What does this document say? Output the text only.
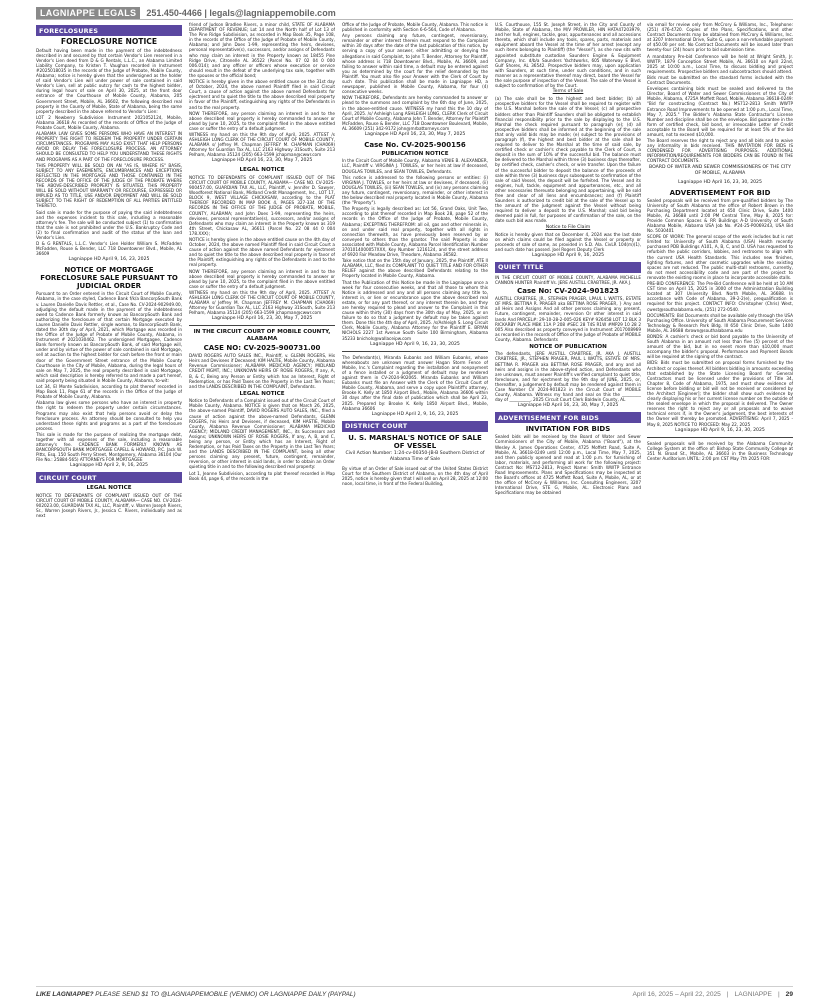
LAGNIAPPE LEGALS	251.450-4466 | legals@lagniappemobile.com
FORECLOSURES
FORECLOSURE NOTICE

Default having been made in the payment of the indebtedness described in and secured by that certain Vendor's Lien reserved in a Vendor's Lien deed from D & G Rentals, L.L.C., an Alabama Limited Liability Company, to Kristen T. Vaughan recorded in Instrument #2025018035 in the records of the Judge of Probate, Mobile County, Alabama; notice is hereby given that the undersigned as the holder of said Vendor's Lien will under power of sale contained in said Vendor's Lien, sell at public outcry for cash to the highest bidder, during legal hours of sale on April 30, 2025, at the front door entrance of the Courthouse of Mobile County, Alabama, 205 Government Street, Mobile, AL 36602, the following described real property in the County of Mobile, State of Alabama, being the same property described in the above referred to Vendor's Lien:

LOT 2 Newberry Subdivision Instrument 2021052124, Mobile, Alabama 36618 As recorded of the records of Office of the Judge of Probate Court, Mobile County, Alabama.

ALABAMA LAW GIVES SOME PERSONS WHO HAVE AN INTEREST IN PROPERTY THE RIGHT TO REDEEM THE PROPERTY UNDER CERTAIN CIRCUMSTANCES. PROGRAMS MAY ALSO EXIST THAT HELP PERSONS AVOID OR DELAY THE FORECLOSURE PROCESS. AN ATTORNEY SHOULD BE CONSULTED TO HELP YOU UNDERSTAND THESE RIGHTS AND PROGRAMS AS A PART OF THE FORECLOSURE PROCESS.

THIS PROPERTY WILL BE SOLD ON AN "AS IS, WHERE IS" BASIS, SUBJECT TO ANY EASEMENTS, ENCUMBRANCES AND EXCEPTIONS REFLECTED IN THE MORTGAGE AND THOSE CONTAINED IN THE RECORDS OF THE OFFICE OF THE JUDGE OF THE PROBATE WHERE THE ABOVE-DESCRIBED PROPERTY IS SITUATED. THIS PROPERTY WILL BE SOLD WITHOUT WARRANTY OR RECOURSE, EXPRESSED OR IMPLIED AS TO TITLE, USE AND/OR ENJOYMENT AND WILL BE SOLD SUBJECT TO THE RIGHT OF REDEMPTION OF ALL PARTIES ENTITLED THERETO.

Said sale is made for the purpose of paying the said indebtedness and the expenses incident to this sale, including a reasonable attorney's fee. The sale will be conducted subject (1) to confirmation that the sale is not prohibited under the U.S. Bankruptcy Code and (2) to final confirmation and audit of the status of the loan and Vendor's Lien.

D & G RENTALS, L.L.C. Vendor's Lien Holder William S. McFadden McFadden, Rouse & Bender, LLC 718 Downtowner Blvd., Mobile, AL 36609

Lagniappe HD April 9, 16, 23, 2025
NOTICE OF MORTGAGE FORECLOSURE SALE PURSUANT TO JUDICIAL ORDER

Pursuant to an Order entered in the Circuit Court of Mobile County, Alabama, in the case styled, Cadence Bank f/k/a BancorpSouth Bank v. Lauren Danielle Davis Rettler, et al., Case No. CV-2024-902949.00, adjudging the default made in the payment of the indebtedness owed to Cadence Bank formerly known as BancorpSouth Bank and authorizing the foreclosure of that certain Mortgage executed by Lauren Danielle Davis Rettler, single woman, to BancorpSouth Bank, dated the 30th day of April, 2021, which Mortgage was recorded in the Office of the Judge of Probate of Mobile County, Alabama, in Instrument # 2021030462. The undersigned Mortgagee, Cadence Bank formerly known as BancorpSouth Bank, of said Mortgage will, under and by virtue of the power of sale contained in said Mortgage, sell at auction to the highest bidder for cash before the front or main door of the Government Street entrance of the Mobile County Courthouse in the City of Mobile, Alabama, during the legal hours of sale on May 7, 2025, the real property described in said Mortgage, which said description is hereby referred to and made a part hereof, said property being situated in Mobile County, Alabama, to-wit:

Lot 34, El Monte Subdivision, according to plat thereof recorded in Map Book 11, Page 61 of the records in the Office of the Judge of Probate of Mobile County, Alabama.

Alabama law gives some persons who have an interest in property the right to redeem the property under certain circumstances. Programs may also exist that help persons avoid or delay the foreclosure process. An attorney should be consulted to help you understand these rights and programs as a part of the foreclosure process.

This sale is made for the purpose of realizing the mortgage debt, together with all expenses of the sale, including a reasonable attorney's fee. CADENCE BANK FORMERLY KNOWN AS BANCORPSOUTH BANK MORTGAGEE CAPELL & HOWARD, P.C. Jack W. Pitts, Esq. 150 South Perry Street, Montgomery, Alabama 36104 (Our File No.: 25884-565) ATTORNEYS FOR MORTGAGEE

Lagniappe HD April 2, 9, 16, 2025
CIRCUIT COURT
LEGAL NOTICE

NOTICE TO DEFENDANTS OF COMPLAINT ISSUED OUT OF THE CIRCUIT COURT OF MOBILE COUNTY, ALABAMA— CASE NO. CV-2024-902023.00, GUARDIAN TAX AL, LLC, Plaintiff, v. Warren Joseph Rivers, Sr., Warren Joseph Rivers, Jr., Jessica C. Rivers, individually and as next

friend of Judson Bradlee Rivers, a minor child, STATE OF ALABAMA DEPARTMENT OF REVENUE; Lot 14 and the North half of Lot 13 of The Pine Ridge Subdivision, as recorded in Map Book 35, Page 108, in the records of the Office of the Judge of Probate of Mobile County, Alabama; and John Does 1-99, representing the heirs, devisees, personal representative(s), successors, and/or assigns of Defendants who may claim an interest in the Property known as 18455 Pine Ridge Drive, Citronelle AL 36522 (Parcel No. 07 02 04 0 000 006.014); and any officer or officers whose execution or service should result in the defeat of the underlying tax sale, together with the spouses or the official bond;

NOTICE is hereby given in the above entitled cause on the 31st day of October, 2024, the above named Plaintiff filed in said Circuit Court, a cause of action against the above named Defendants for ejectment and to quiet the title to the above described real property in favor of the Plaintiff, extinguishing any rights of the Defendants in and to the real property.

NOW THEREFORE, any person claiming an interest in and to the above described real property is hereby commanded to answer or plead by June 10, 2025, to the complaint filed in the above entitled case or suffer the entry of a default judgment.

WITNESS my hand on this the 9th day of April, 2025. ATTEST /s ASHLEIGH LONG CLERK OF THE CIRCUIT COURT OF MOBILE COUNTY, ALABAMA s/ Jeffrey M. Chapman JEFFREY M. CHAPMAN (CHA069) Attorney for Guardian Tax AL, LLC 2163 Highway 31South, Suite 213 Pelham, Alabama 35124 (205) 663-1599 jchapman@cwwr.com

Lagniappe HD April 16, 23, 30, May 7, 2025
LEGAL NOTICE

NOTICE TO DEFENDANTS OF COMPLAINT ISSUED OUT OF THE CIRCUIT COURT OF MOBILE COUNTY, ALABAMA— CASE NO. CV-2025-900457.00, GUARDIAN TAX AL, LLC, Plaintiff, v. Jennifer D. Sawyer, Woodforest National Bank, Midland Credit Management, Inc., LOT 17, BLOCK 9, WEST VILLAGE CHICKASAW, according to the PLAT THEREOF RECORDED IN MAP BOOK 4, PAGES 327-334 OF THE RECORDS IN THE OFFICE OF THE JUDGE OF PROBATE, MOBILE, COUNTY, ALABAMA; and John Does 1-99, representing the heirs, devisees, personal representative(s), successors, and/or assigns of Defendants who may claim an interest in the Property known as 319 4th Street, Chickasaw AL, 36611 (Parcel No. 22 08 44 0 004 178.XXX);

NOTICE is hereby given in the above entitled cause on the 4th day of October, 2024, the above named Plaintiff filed in said Circuit Court a cause of action against the above named Defendants for ejectment and to quiet the title to the above described real property in favor of the Plaintiff, extinguishing any rights of the Defendants in and to the real property.

NOW THEREFORE, any person claiming an interest in and to the above described real property is hereby commanded to answer or plead by June 10, 2025, to the complaint filed in the above entitled case or suffer the entry of a default judgment.

WITNESS my hand on this the 9th day of April, 2025. ATTEST /s ASHLEIGH LONG CLERK OF THE CIRCUIT COURT OF MOBILE COUNTY, ALABAMA s/ Jeffrey M. Chapman JEFFREY M. CHAPMAN (CHA069) Attorney for Guardian Tax AL, LLC 2163 Highway 31South, Suite 213 Pelham, Alabama 35124 (205) 663-1599 jchapman@cwwr.com

Lagniappe HD April 16, 23, 30, May 7, 2025
IN THE CIRCUIT COURT OF MOBILE COUNTY, ALABAMA
CASE NO: CV-2025-900731.00

DAVID ROGERS AUTO SALES INC., Plaintiff, v. GLENN ROGERS, His Heirs and Devisees if Deceased; KIM HALTIE, Mobile County, Alabama Revenue Commissioner; ALABAMA MEDICAID AGENCY; MIDLAND CREDIT MGMT, INC.; UNKNOWN HEIRS OF ROSIE ROGERS, If any, A, B, & C, Being any Person or Entity which has an Interest, Right of Redemption, or has Paid Taxes on the Property in the Last Ten Years; and the LANDS DESCRIBED IN THE COMPLAINT, Defendants.

LEGAL NOTICE

Notice to Defendants of a Complaint issued out of the Circuit Court of Mobile County, Alabama. NOTICE is given that on March 26, 2025, the above-named Plaintiff, DAVID ROGERS AUTO SALES, INC., filed a cause of action against the above-named Defendants, GLENN ROGERS, his Heirs and Devisees, if deceased, KIM HASTIE, Mobile County, Alabama Revenue Commissioner; ALABAMA MEDICAID AGENCY; MIDLAND CREDIT MANAGEMENT, INC., its Successors and Assigns; UNKNOWN HEIRS OF ROSIE ROGERS, If any, A, B, and C, being any person, or Entity which has an Interest, Right of Redemption, or has Paid Taxes on the Property in the Last Ten Years; and the LANDS DESCRIBED IN THE COMPLAINT, being all other persons claiming any present, future, contingent, remainder, reversion, or other interest in said lands, in order to obtain an Order quieting title in and to the following described real property:

Lot 1, Jeanne Subdivision, according to plat thereof recorded in Map Book 44, page 6, of the records in the

Office of the Judge of Probate, Mobile County, Alabama. This notice is published in conformity with Section 6-6-564, Code of Alabama.

Any persons claiming any future, contingent, reversionary, remainder or other interest therein must respond to the Complaint within 30 days after the date of the last publication of this notice, by serving a copy of your answer, either admitting or denying the allegations in said Complaint, to John T. Bender, Attorney for Plaintiff, whose address is 718 Downtowner Blvd., Mobile, AL 36609, and failing to answer within said time, a default may be entered against you as determined by the court for the relief demanded by the Plaintiff. You must also file your Answer with the Clerk of Court by such date. This publication shall be made in Lagniappe HD, a newspaper, published in Mobile County, Alabama, for four (4) consecutive weeks.

NOW THEREFORE, Defendants are hereby commanded to answer or plead to the summons and complaint by the 6th day of June, 2025, in the above-entitled cause. WITNESS my hand this the 10 day of April, 2025. /s/ Ashleigh Long ASHLEIGH LONG, CLERK Clerk of Circuit Court of Mobile County, Alabama John T. Bender, Attorney for Plaintiff McFadden, Rouse & Bender, LLC 718 Downtowner Boulevard, Mobile, AL 36609 (251) 342-9172 john@mrbattorneys.com

Lagniappe HD April 16, 23, 30, May 7, 2025
Case No. CV-2025-900156
PUBLICATION NOTICE

In the Circuit Court of Mobile County, Alabama VENIE B. ALEXANDER, LLC, Plaintiff v. VIRGINIA J. TOWLES, or her heirs at law if deceased, DOUGLAS TOWLES, and SEAN TOWLES, Defendants.

This notice is addressed to the following persons or entities: (i) VIRGINIA J. TOWLES, or her heirs at law or devisees, if deceased, (ii) DOUGLAS TOWLES, (iii) SEAN TOWLES, and (iv) any persons claiming any future, contingent, reversionary, remainder, or other interest in the below described real property located in Mobile County, Alabama (the "Property").

The Property is legally described as: Lot 56, Grand Oaks, Unit Two, according to plat thereof recorded in Map Book 28, page 52 of the records in the Office of the Judge of Probate, Mobile County, Alabama; EXCEPTING THEREFROM: all oil, gas and other minerals in, on and under said real property, together with all rights in connection therewith, as have previously been reserved by or conveyed to others than the grantor. The said Property is also associated with Mobile County, Alabama Parcel Identification Number 3701014000057XXX, Key Number 1216124, and the street address of 6920 Fair Meadow Drive, Theodore, Alabama 36582.

Take notice that on the 15th day of January, 2025, the Plaintiff, ATE II ALABAMA, LLC, filed its COMPLAINT TO QUIET TITLE AND FOR OTHER RELIEF against the above described Defendants relating to the Property located in Mobile County, Alabama.

That the Publication of this Notice be made in the Lagniappe once a week for four consecutive weeks, and that all those to whom this Notice is addressed and any and all persons claiming any title to, interest in, or lien or encumbrance upon the above described real estate, or for any part thereof, or any interest therein be, and they are hereby required to plead and answer to the Complaint in this cause within thirty (30) days from the 30th day of May, 2025, or on failure to do so that a judgment by default may be taken against them. Done this the 4th day of April, 2025. /s/Ashleigh S. Long Circuit Clerk, Mobile County, Alabama Attorney for the Plaintiff E. BRYAN NICHOLS 2227 1st Avenue South Suite 100 Birmingham, Alabama 35233 bnichols@wallaceipw.com

Lagniappe HD April 9, 16, 23, 30, 2025

The Defendant(s), Miranda Eubanks and William Eubanks, whose whereabouts are unknown must answer Hagan Storm Fence of Mobile, Inc.'s Complaint regarding the installation and nonpayment of a fence installed or a judgment of default may be rendered against them in CV-2024-902065. Miranda Eubanks and William Eubanks must file an Answer with the Clerk of the Circuit Court of Mobile County, Alabama, and serve a copy upon Plaintiff's attorney, Brooke K. Kelly at 1850 Airport Blvd., Mobile, Alabama 36606 within 30 days after the final date of publication which shall be April 23, 2025. Prepared by: Brooke K. Kelly 1850 Airport Blvd., Mobile, Alabama 36606

Lagniappe HD April 2, 9, 16, 23, 2025
DISTRICT COURT
U. S. MARSHAL'S NOTICE OF SALE OF VESSEL
Civil Action Number: 1:24-cv-00350-JB-B Southern District of Alabama Time of Sale

By virtue of an Order of Sale issued out of the United States District Court for the Southern District of Alabama, on the 4th day of April 2025, notice is hereby given that I will sell on April 28, 2025 at 12:00 noon, local time, in front of the Federal Building,

U.S. Courthouse, 155 St. Joseph Street, in the City and County of Mobile, State of Alabama, the M/V PROWLER, HIN HATA47203979, and her hull, engines, tackle, gear, appurtenances and all accessions thereto, which shall include any tools, spares, parts, materials and equipment aboard the Vessel at the time of her arrest (except any such items belonging to Plaintiff) (the "Vessel"), as she now sits with appointed substitute custodian Saunders Engine & Equipment Company, Inc. d/b/a Saunders Yachtworks, 605 Waterway E Blvd, Gulf Shores, AL 36542. Prospective bidders may, upon application with Saunders, at such time, under such conditions, and in such manner as a representative thereof may direct, board the Vessel for the sole purpose of inspection of the Vessel. The sale of the Vessel is subject to confirmation of by the Court.

Terms of Sale

(a) The sale shall be to the highest and best bidder; (b) all prospective bidders for the Vessel shall be required to register with the U.S. Marshal before the sale of the Vessel; (c) all prospective bidders other than Plaintiff Saunders shall be obligated to establish financial responsibility prior to the sale by displaying to the U.S. Marshal the check required pursuant to paragraph (e); (d) all prospective bidders shall be informed at the beginning of the sale that only valid bids may be made; (e) subject to the provisions of paragraph (f), the highest and best bidder at the sale shall be required to deliver to the Marshal at the time of said sale, by certified check or cashier's check payable to the Clerk of Court, a deposit in the sum of 10% of the successful bid. The balance must be delivered to the Marshal within three (3) business days thereafter, by certified check, cashier's check, or wire transfer. Upon the failure of the successful bidder to deposit the balance of the proceeds of sale within three (3) business days subsequent to confirmation of the sale of said Vessel, the deposit will be forfeited. The Vessel and its engines, hull, tackle, equipment and appurtenances, etc., and all other necessaries thereunto belonging and appertaining, will be sold free and clear of all liens and encumbrances; and (f) Plaintiff Saunders is authorized to credit bid at the sale of the Vessel up to the amount of the judgment against the Vessel without being required to deliver a deposit to the U.S. Marshal; said bid being deemed paid in full, for purposes of confirmation of the sale, on the date such bid was made.

Notice to File Claim

Notice is hereby given that on December 4, 2024 was the last date on which claims could be filed against the Vessel or property or proceeds of sale of same, as provided in S.D. Ala. CivLR 104(m)(1), and such date has passed. Joel Rogers Deputy Clerk

Lagniappe HD April 9, 16, 2025
QUIET TITLE

IN THE CIRCUIT COURT OF MOBILE COUNTY, ALABAMA MICHELLE CANNON HUNTER Plaintiff Vs. JERE AUSTILL CRABTREE, JR. AKA J.

Case No: CV-2024-901823

AUSTILL CRABTREE, JR., STEPHEN PRAGER, LPAUL L WATTS, ESTATE OF MRS. BETTINA R. PRAGER aka BETTINA ROSE PRAGER, } Any and all Heirs and Assigns And all other persons claiming any present, Future, contingent, remainder, reversion Or other interest in said lands And PARCEL#: 29-10-28-2-005-026 KEY# 926458 LOT 12 BLK 3 RICKARBY PLACE MBK 11A P 208 #SEC 28 T4S R1W #MP29 10 28 2 005 Also described as property conveyed in Instrument 2017008969 as recorded in the records of Office of the Judge of Probate of MOBILE County, Alabama. Defendants

NOTICE OF PUBLICATION

The defendants, JERE AUSTILL CRABTREE, JR. AKA J. AUSTILL CRABTREE, JR., STEPHEN PRAGER, PAUL L WATTS, ESTATE OF MRS. BETTINA R. PRAGER aka BETTINA ROSE PRAGER, and any and all heirs and assigns in the above-styled action, and Defendants who are unknown, must answer Plaintiff's verified complaint to quiet title, foreclosure, and for ejectment by the 9th day of JUNE, 2025, or, thereafter, a judgement by default may be rendered against them in Case Number CV 2024-901823 in the Circuit Court of MOBILE County, Alabama. Witness my hand and seal on this the _________ day of __________, 2025 Circuit Court Clerk Baldwin County, AL

Lagniappe HD April 16, 23, 30, May 7, 2025
ADVERTISEMENT FOR BIDS
INVITATION FOR BIDS

Sealed bids will be received by the Board of Water and Sewer Commissioners of the City of Mobile, Alabama ("Board"), at the Wesley A. James Operations Center, 4725 Moffett Road, Suite A, Mobile, AL 36618-0249 until 12:00 p.m., Local Time, May 7, 2025, and then publicly opened and read at 1:00 p.m. for furnishing of labor, materials, and performing all work for the following project: Contract No: MS712-2813, Project Name: Smith WWTP Entrance Road Improvements. Plans and Specifications may be inspected at the Board's offices at 4725 Moffett Road, Suite A, Mobile, AL, or at the office of McCrory & Williams, Inc. Consulting Engineers, 3207 International Drive, STE G, Mobile, AL. Electronic Plans and Specifications may be obtained

via email for review only from McCrory & Williams, Inc., Telephone: (251) 476-4720. Copies of the Plans, Specifications, and other Contract Documents may be obtained from McCrory & Williams, Inc. at 3207 International Drive, Suite G, upon a non-refundable payment of $50.00 per set. No Contract Documents will be issued later than twenty-four (24) hours prior to bid submission time.

A mandatory Pre-bid Conference will be held at Wright Smith, Jr. WWTP, 1879 Conception Street Mobile, AL 36610 on April 22nd, 2025 at 10:00 a.m., Local Time, to discuss bidding and project requirements. Prospective bidders and subcontractors should attend.

Bids must be submitted on the standard forms included with the Contract Documents.

Envelopes containing bids must be sealed and delivered to the Director, Board of Water and Sewer Commissioners of the City of Mobile, Alabama, 4725A Moffett Road, Mobile, Alabama 36618-0249: "Bid for constructing (Contract No.) MS712-2813 Smith WWTP Entrance Road Improvements to be opened at 1:00 p.m., Local Time, May 7, 2025." The Bidder's Alabama State Contractor's License Number and discipline shall be on the envelope. Bid guarantee in the form of certified check, bid bond, or irrevocable Letter of Credit acceptable to the Board will be required for at least 5% of the bid amount, not to exceed $10,000.

The Board reserves the right to reject any and all bids and to waive any informality in bids received. THIS INVITATION FOR BIDS IS CONDENSED FOR ADVERTISING PURPOSES. ADDITIONAL INFORMATION/REQUIREMENTS FOR BIDDERS CAN BE FOUND IN THE CONTRACT DOCUMENTS.

BOARD OF WATER AND SEWER COMMISSIONERS OF THE CITY OF MOBILE, ALABAMA
Lagniappe HD April 16, 23, 30, 2025
ADVERTISEMENT FOR BID

Sealed proposals will be received from pre-qualified bidders by The University of South Alabama at the office of Robert Brown in the Purchasing Department located at 650 Clinic Drive, Suite 1400 Mobile, AL 36688 until 2:00 PM Central Time, May 8, 2025 for: Provide Common Spaces & RR Buildings A-D University of South Alabama Mobile, Alabama USA Job No. #24-25-P0069243, USA Bid No. 5030401

SCOPE OF WORK: The general scope of the work includes but is not limited to: University of South Alabama (USA) Health recently purchased PDB Buildings A101, A, B, C, and D. USA has requested to refurbish the public corridors, lobbies, and restrooms to align with the current USA Health Standards. This includes new finishes, lighting fixtures, and other cosmetic upgrades while the existing spaces are not reduced. The public multi-stall restrooms, currently, do not meet accessibility code and are part of the project to renovate the existing rooms in place to incorporate accessible stalls.

PRE-BID CONFERENCE: The Pre-Bid Conference will be held at 10 AM CST time on April 15, 2025 in 3000 of the Administration Building located at 307 University Blvd. North Mobile, AL 36688. In accordance with Code of Alabama, 39-2-2(e), prequalification is required for this project. CONTACT INFO: Christopher (Chris) West, cwest@southalabama.edu, (251) 272-0540.

DOCUMENTS: Bid Documents shall be available only through the USA Purchasing Office. University of South Alabama Procurement Services Technology & Research Park Bldg. III 650 Clinic Drive, Suite 1400 Mobile, AL 36688 rbrown@southalabama.edu

BONDS: A cashier's check or bid bond payable to the University of South Alabama in an amount not less than five (5) percent of the amount of the bid, but in no event more than $10,000 must accompany the bidder's proposal. Performance and Payment Bonds will be required at the signing of the contract.

BIDS: Bids must be submitted on proposal forms furnished by the Architect or copies thereof. All bidders bidding in amounts exceeding that established by the State Licensing Board for General Contractors must be licensed under the provisions of Title 34, Chapter 8, Code of Alabama, 1975, and must show evidence of license before bidding or bid will not be received or considered by the Architect [Engineer]; the bidder shall show such evidence by clearly displaying his or her current license number on the outside of the sealed envelope in which the proposal is delivered. The Owner reserves the right to reject any or all proposals and to waive technical errors if, in the Owner's judgement, the best interests of the Owner will thereby be promoted. ADVERTISING: April 7, 2025 - May 8, 2025 NOTICE TO PROCEED: May 22, 2025

Lagniappe HD April 9, 16, 23, 30, 2025

Sealed proposals will be received by the Alabama Community College System at the office of: Bishop State Community College at 351 N. Broad St., Mobile, AL 36603 in the Business Technology Center Auditorium UNTIL: 2:00 pm CST May 7th 2025 FOR:

LIKE LAGNIAPPE? PLEASE SEND $1 TO @LAGNIAPPEMOBILE (VENMO) OR LAGNIAPPE DAILY (PAYPAL)	April 16, 2025 – April 22, 2025 | LAGNIAPPE | 29
